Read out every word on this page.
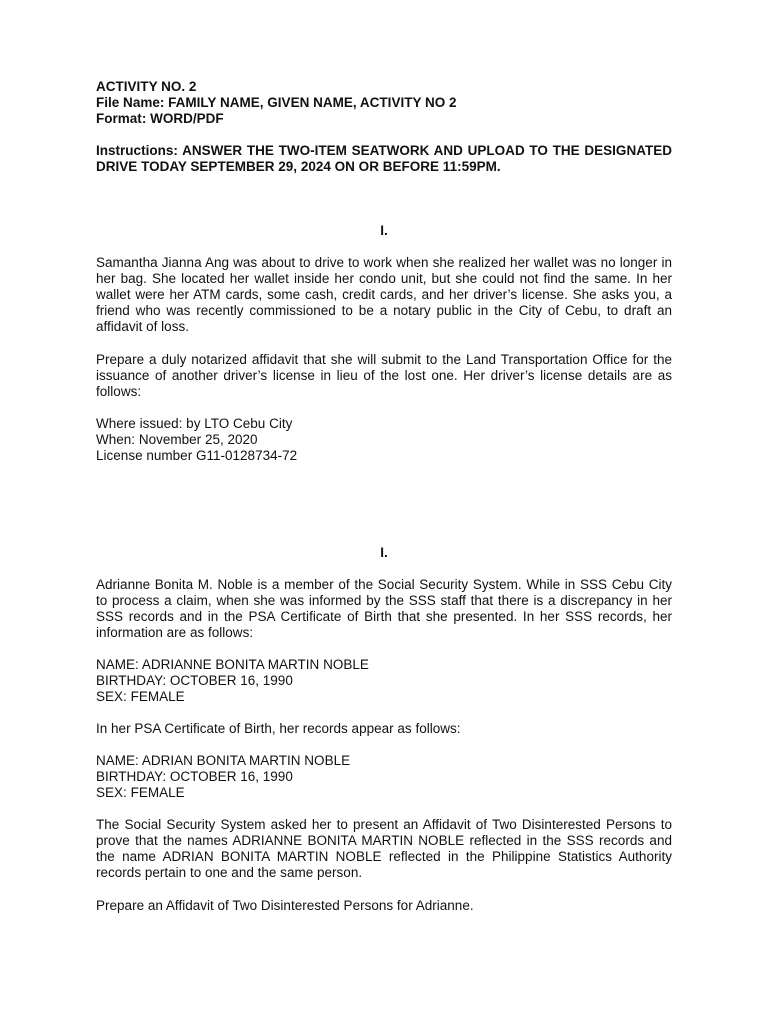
ACTIVITY NO. 2
File Name: FAMILY NAME, GIVEN NAME, ACTIVITY NO 2
Format: WORD/PDF

Instructions: ANSWER THE TWO-ITEM SEATWORK AND UPLOAD TO THE DESIGNATED DRIVE TODAY SEPTEMBER 29, 2024 ON OR BEFORE 11:59PM.

I.

Samantha Jianna Ang was about to drive to work when she realized her wallet was no longer in her bag. She located her wallet inside her condo unit, but she could not find the same. In her wallet were her ATM cards, some cash, credit cards, and her driver’s license. She asks you, a friend who was recently commissioned to be a notary public in the City of Cebu, to draft an affidavit of loss.

Prepare a duly notarized affidavit that she will submit to the Land Transportation Office for the issuance of another driver’s license in lieu of the lost one. Her driver’s license details are as follows:

Where issued: by LTO Cebu City
When: November 25, 2020
License number G11-0128734-72

I.

Adrianne Bonita M. Noble is a member of the Social Security System. While in SSS Cebu City to process a claim, when she was informed by the SSS staff that there is a discrepancy in her SSS records and in the PSA Certificate of Birth that she presented. In her SSS records, her information are as follows:

NAME: ADRIANNE BONITA MARTIN NOBLE
BIRTHDAY: OCTOBER 16, 1990
SEX: FEMALE

In her PSA Certificate of Birth, her records appear as follows:

NAME: ADRIAN BONITA MARTIN NOBLE
BIRTHDAY: OCTOBER 16, 1990
SEX: FEMALE

The Social Security System asked her to present an Affidavit of Two Disinterested Persons to prove that the names ADRIANNE BONITA MARTIN NOBLE reflected in the SSS records and the name ADRIAN BONITA MARTIN NOBLE reflected in the Philippine Statistics Authority records pertain to one and the same person.

Prepare an Affidavit of Two Disinterested Persons for Adrianne.
